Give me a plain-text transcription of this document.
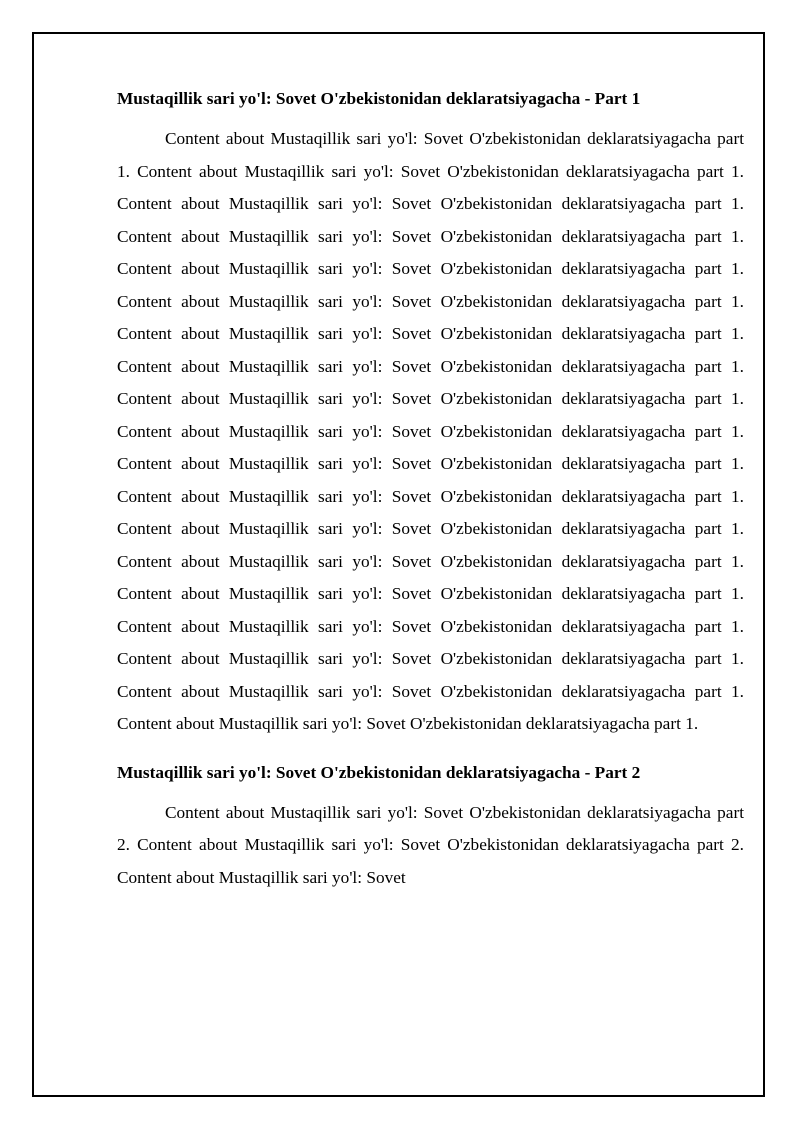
Mustaqillik sari yo'l: Sovet O'zbekistonidan deklaratsiyagacha - Part 1

Content about Mustaqillik sari yo'l: Sovet O'zbekistonidan deklaratsiyagacha part 1. Content about Mustaqillik sari yo'l: Sovet O'zbekistonidan deklaratsiyagacha part 1. Content about Mustaqillik sari yo'l: Sovet O'zbekistonidan deklaratsiyagacha part 1. Content about Mustaqillik sari yo'l: Sovet O'zbekistonidan deklaratsiyagacha part 1. Content about Mustaqillik sari yo'l: Sovet O'zbekistonidan deklaratsiyagacha part 1. Content about Mustaqillik sari yo'l: Sovet O'zbekistonidan deklaratsiyagacha part 1. Content about Mustaqillik sari yo'l: Sovet O'zbekistonidan deklaratsiyagacha part 1. Content about Mustaqillik sari yo'l: Sovet O'zbekistonidan deklaratsiyagacha part 1. Content about Mustaqillik sari yo'l: Sovet O'zbekistonidan deklaratsiyagacha part 1. Content about Mustaqillik sari yo'l: Sovet O'zbekistonidan deklaratsiyagacha part 1. Content about Mustaqillik sari yo'l: Sovet O'zbekistonidan deklaratsiyagacha part 1. Content about Mustaqillik sari yo'l: Sovet O'zbekistonidan deklaratsiyagacha part 1. Content about Mustaqillik sari yo'l: Sovet O'zbekistonidan deklaratsiyagacha part 1. Content about Mustaqillik sari yo'l: Sovet O'zbekistonidan deklaratsiyagacha part 1. Content about Mustaqillik sari yo'l: Sovet O'zbekistonidan deklaratsiyagacha part 1. Content about Mustaqillik sari yo'l: Sovet O'zbekistonidan deklaratsiyagacha part 1. Content about Mustaqillik sari yo'l: Sovet O'zbekistonidan deklaratsiyagacha part 1. Content about Mustaqillik sari yo'l: Sovet O'zbekistonidan deklaratsiyagacha part 1. Content about Mustaqillik sari yo'l: Sovet O'zbekistonidan deklaratsiyagacha part 1.

Mustaqillik sari yo'l: Sovet O'zbekistonidan deklaratsiyagacha - Part 2

Content about Mustaqillik sari yo'l: Sovet O'zbekistonidan deklaratsiyagacha part 2. Content about Mustaqillik sari yo'l: Sovet O'zbekistonidan deklaratsiyagacha part 2. Content about Mustaqillik sari yo'l: Sovet
